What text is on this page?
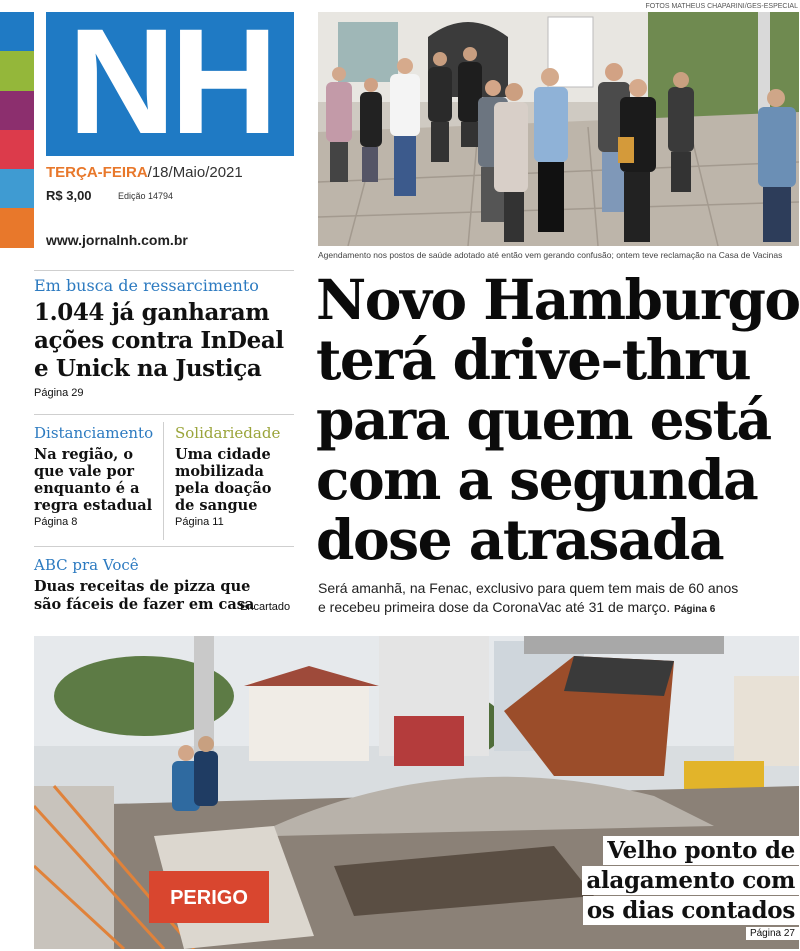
NH
TERÇA-FEIRA/18/Maio/2021
R$ 3,00	Edição 14794
www.jornalnh.com.br
Em busca de ressarcimento
1.044 já ganharam ações contra InDeal e Unick na Justiça
Página 29
Distanciamento
Na região, o que vale por enquanto é a regra estadual
Página 8
Solidariedade
Uma cidade mobilizada pela doação de sangue
Página 11
ABC pra Você
Duas receitas de pizza que são fáceis de fazer em casa
Encartado
FOTOS MATHEUS CHAPARINI/GES-ESPECIAL
Agendamento nos postos de saúde adotado até então vem gerando confusão; ontem teve reclamação na Casa de Vacinas
Novo Hamburgo
terá drive-thru
para quem está
com a segunda
dose atrasada
Será amanhã, na Fenac, exclusivo para quem tem mais de 60 anos
e recebeu primeira dose da CoronaVac até 31 de março. Página 6
PERIGO
Velho ponto de
alagamento com
os dias contados
Página 27
